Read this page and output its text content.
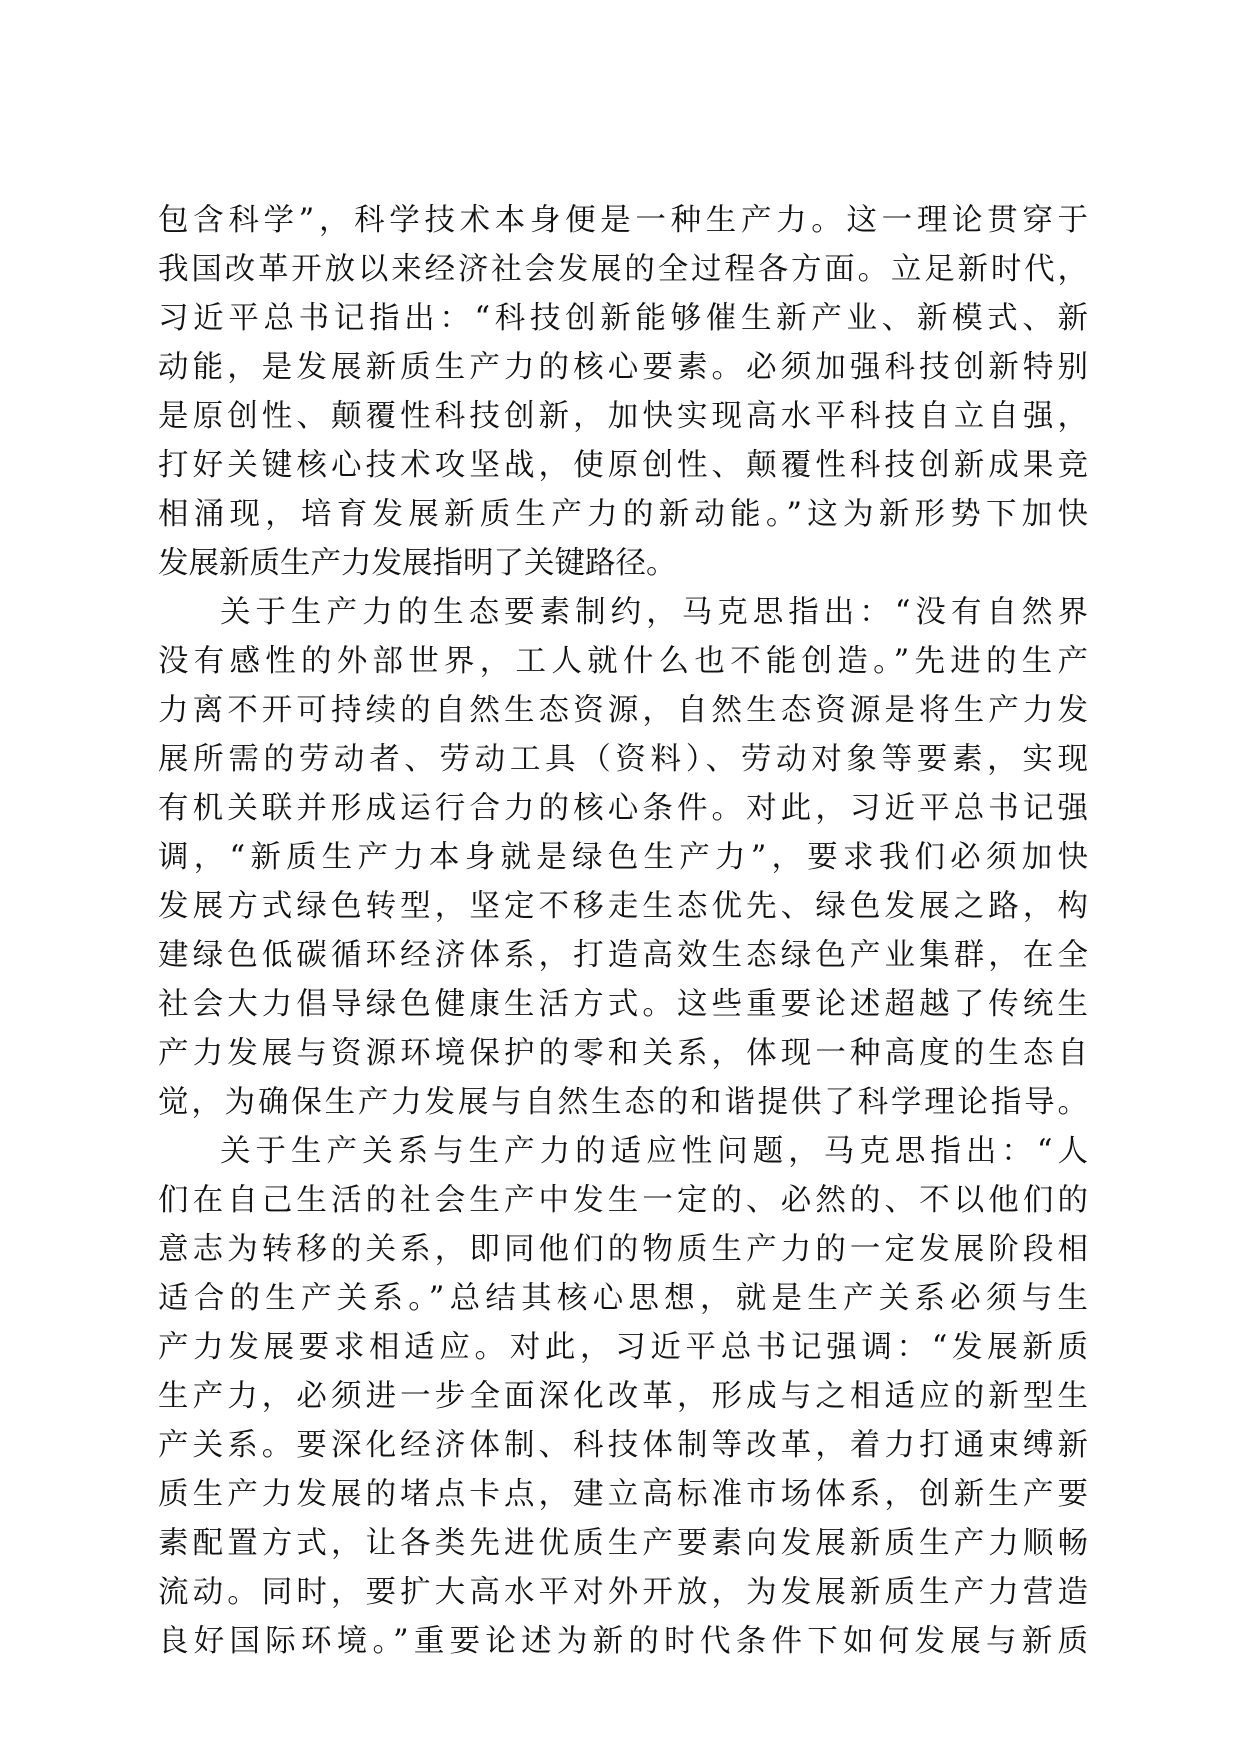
包含科学”，科学技术本身便是一种生产力。这一理论贯穿于
我国改革开放以来经济社会发展的全过程各方面。立足新时代，
习近平总书记指出：“科技创新能够催生新产业、新模式、新
动能，是发展新质生产力的核心要素。必须加强科技创新特别
是原创性、颠覆性科技创新，加快实现高水平科技自立自强，
打好关键核心技术攻坚战，使原创性、颠覆性科技创新成果竞
相涌现，培育发展新质生产力的新动能。”这为新形势下加快
发展新质生产力发展指明了关键路径。
关于生产力的生态要素制约，马克思指出：“没有自然界
没有感性的外部世界，工人就什么也不能创造。”先进的生产
力离不开可持续的自然生态资源，自然生态资源是将生产力发
展所需的劳动者、劳动工具（资料）、劳动对象等要素，实现
有机关联并形成运行合力的核心条件。对此，习近平总书记强
调，“新质生产力本身就是绿色生产力”，要求我们必须加快
发展方式绿色转型，坚定不移走生态优先、绿色发展之路，构
建绿色低碳循环经济体系，打造高效生态绿色产业集群，在全
社会大力倡导绿色健康生活方式。这些重要论述超越了传统生
产力发展与资源环境保护的零和关系，体现一种高度的生态自
觉，为确保生产力发展与自然生态的和谐提供了科学理论指导。
关于生产关系与生产力的适应性问题，马克思指出：“人
们在自己生活的社会生产中发生一定的、必然的、不以他们的
意志为转移的关系，即同他们的物质生产力的一定发展阶段相
适合的生产关系。”总结其核心思想，就是生产关系必须与生
产力发展要求相适应。对此，习近平总书记强调：“发展新质
生产力，必须进一步全面深化改革，形成与之相适应的新型生
产关系。要深化经济体制、科技体制等改革，着力打通束缚新
质生产力发展的堵点卡点，建立高标准市场体系，创新生产要
素配置方式，让各类先进优质生产要素向发展新质生产力顺畅
流动。同时，要扩大高水平对外开放，为发展新质生产力营造
良好国际环境。”重要论述为新的时代条件下如何发展与新质
